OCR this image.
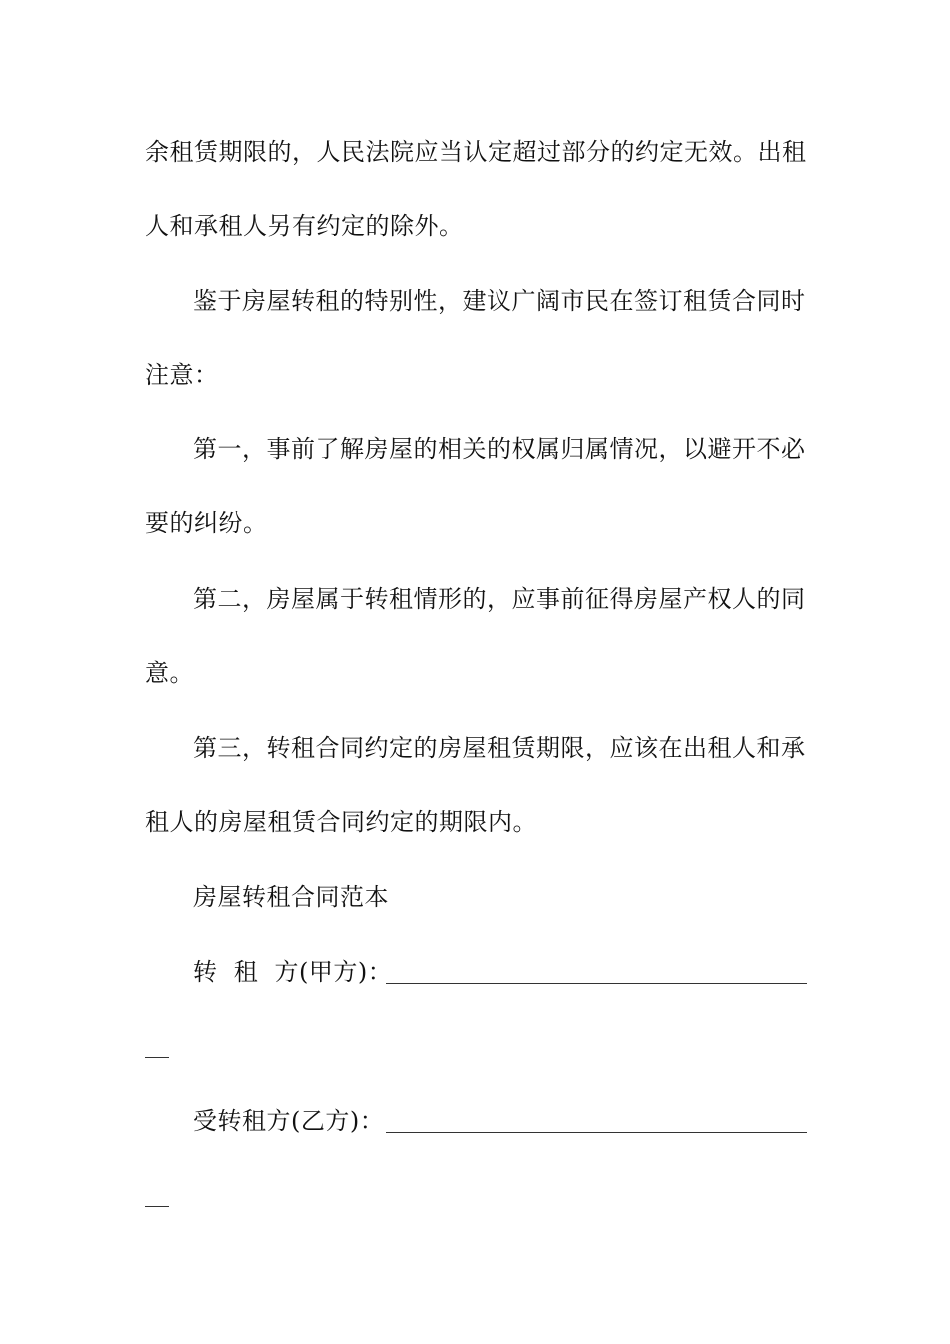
余租赁期限的，人民法院应当认定超过部分的约定无效。出租
人和承租人另有约定的除外。
鉴于房屋转租的特别性，建议广阔市民在签订租赁合同时
注意：
第一，事前了解房屋的相关的权属归属情况，以避开不必
要的纠纷。
第二，房屋属于转租情形的，应事前征得房屋产权人的同
意。
第三，转租合同约定的房屋租赁期限，应该在出租人和承
租人的房屋租赁合同约定的期限内。
房屋转租合同范本
转  租  方(甲方)：
受转租方(乙方)：
